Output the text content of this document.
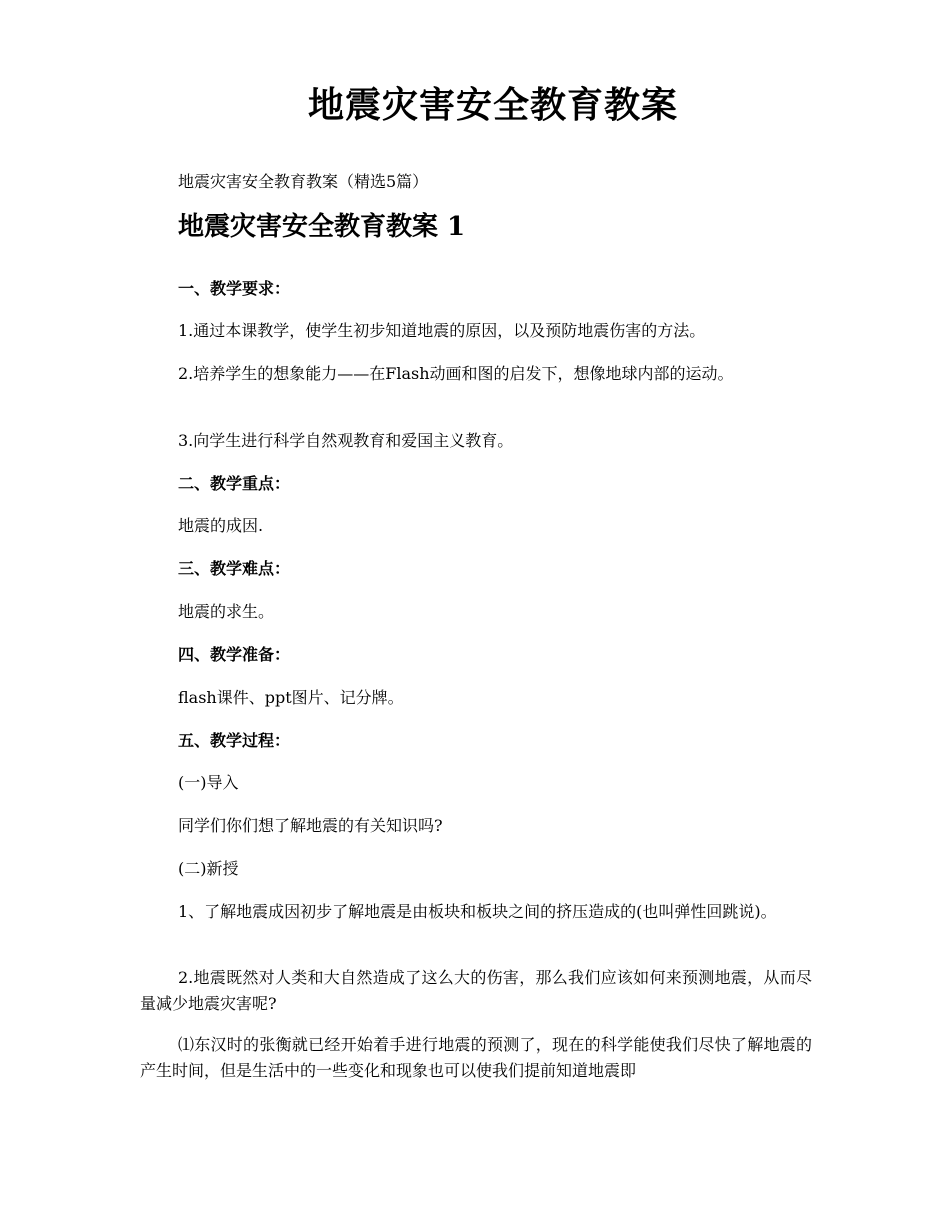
地震灾害安全教育教案
地震灾害安全教育教案（精选5篇）
地震灾害安全教育教案 1

一、教学要求：

1.通过本课教学，使学生初步知道地震的原因，以及预防地震伤害的方法。

2.培养学生的想象能力——在Flash动画和图的启发下，想像地球内部的运动。

3.向学生进行科学自然观教育和爱国主义教育。

二、教学重点：

地震的成因.

三、教学难点：

地震的求生。

四、教学准备：

flash课件、ppt图片、记分牌。

五、教学过程：

(一)导入

同学们你们想了解地震的有关知识吗?

(二)新授

1、了解地震成因初步了解地震是由板块和板块之间的挤压造成的(也叫弹性回跳说)。

2.地震既然对人类和大自然造成了这么大的伤害，那么我们应该如何来预测地震，从而尽量减少地震灾害呢?

⑴东汉时的张衡就已经开始着手进行地震的预测了，现在的科学能使我们尽快了解地震的产生时间，但是生活中的一些变化和现象也可以使我们提前知道地震即
